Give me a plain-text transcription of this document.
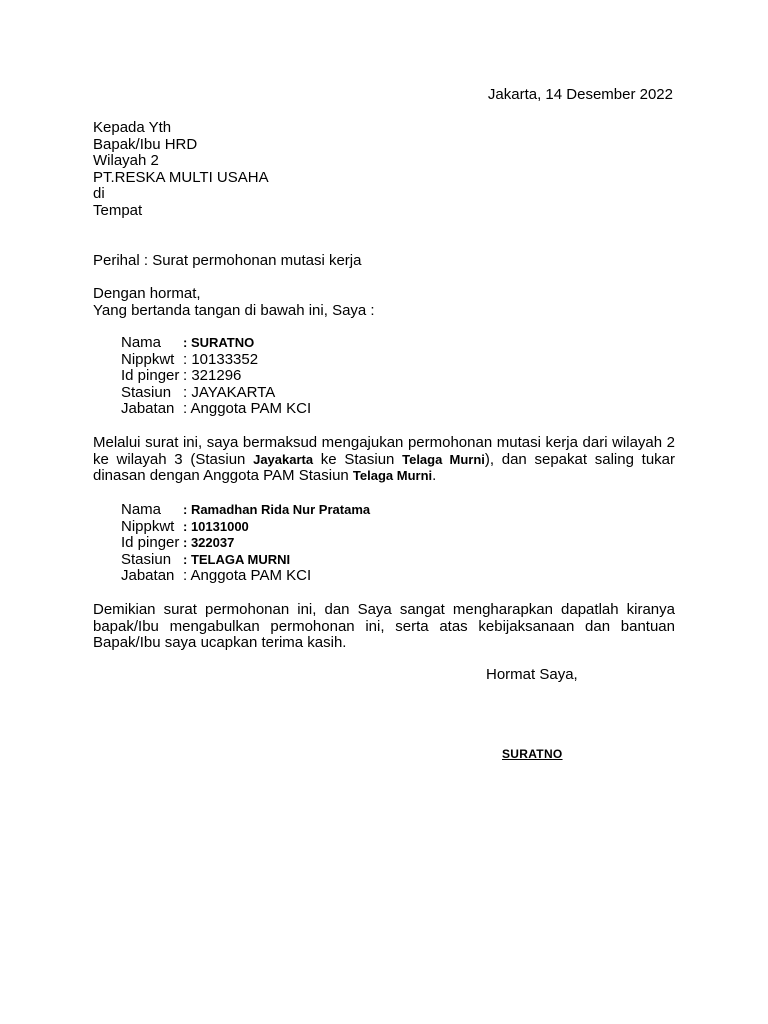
Jakarta, 14 Desember 2022
Kepada Yth
Bapak/Ibu HRD
Wilayah 2
PT.RESKA MULTI USAHA
di
Tempat
Perihal : Surat permohonan mutasi kerja
Dengan hormat,
Yang bertanda tangan di bawah ini, Saya :
Nama	: SURATNO
Nippkwt : 10133352
Id pinger : 321296
Stasiun : JAYAKARTA
Jabatan : Anggota PAM KCI
Melalui surat ini, saya bermaksud mengajukan permohonan mutasi kerja dari wilayah 2 ke wilayah 3 (Stasiun Jayakarta ke Stasiun Telaga Murni), dan sepakat saling tukar dinasan dengan Anggota PAM Stasiun Telaga Murni.
Nama	: Ramadhan Rida Nur Pratama
Nippkwt : 10131000
Id pinger : 322037
Stasiun : TELAGA MURNI
Jabatan : Anggota PAM KCI
Demikian surat permohonan ini, dan Saya sangat mengharapkan dapatlah kiranya bapak/Ibu mengabulkan permohonan ini, serta atas kebijaksanaan dan bantuan Bapak/Ibu saya ucapkan terima kasih.
Hormat Saya,
SURATNO
